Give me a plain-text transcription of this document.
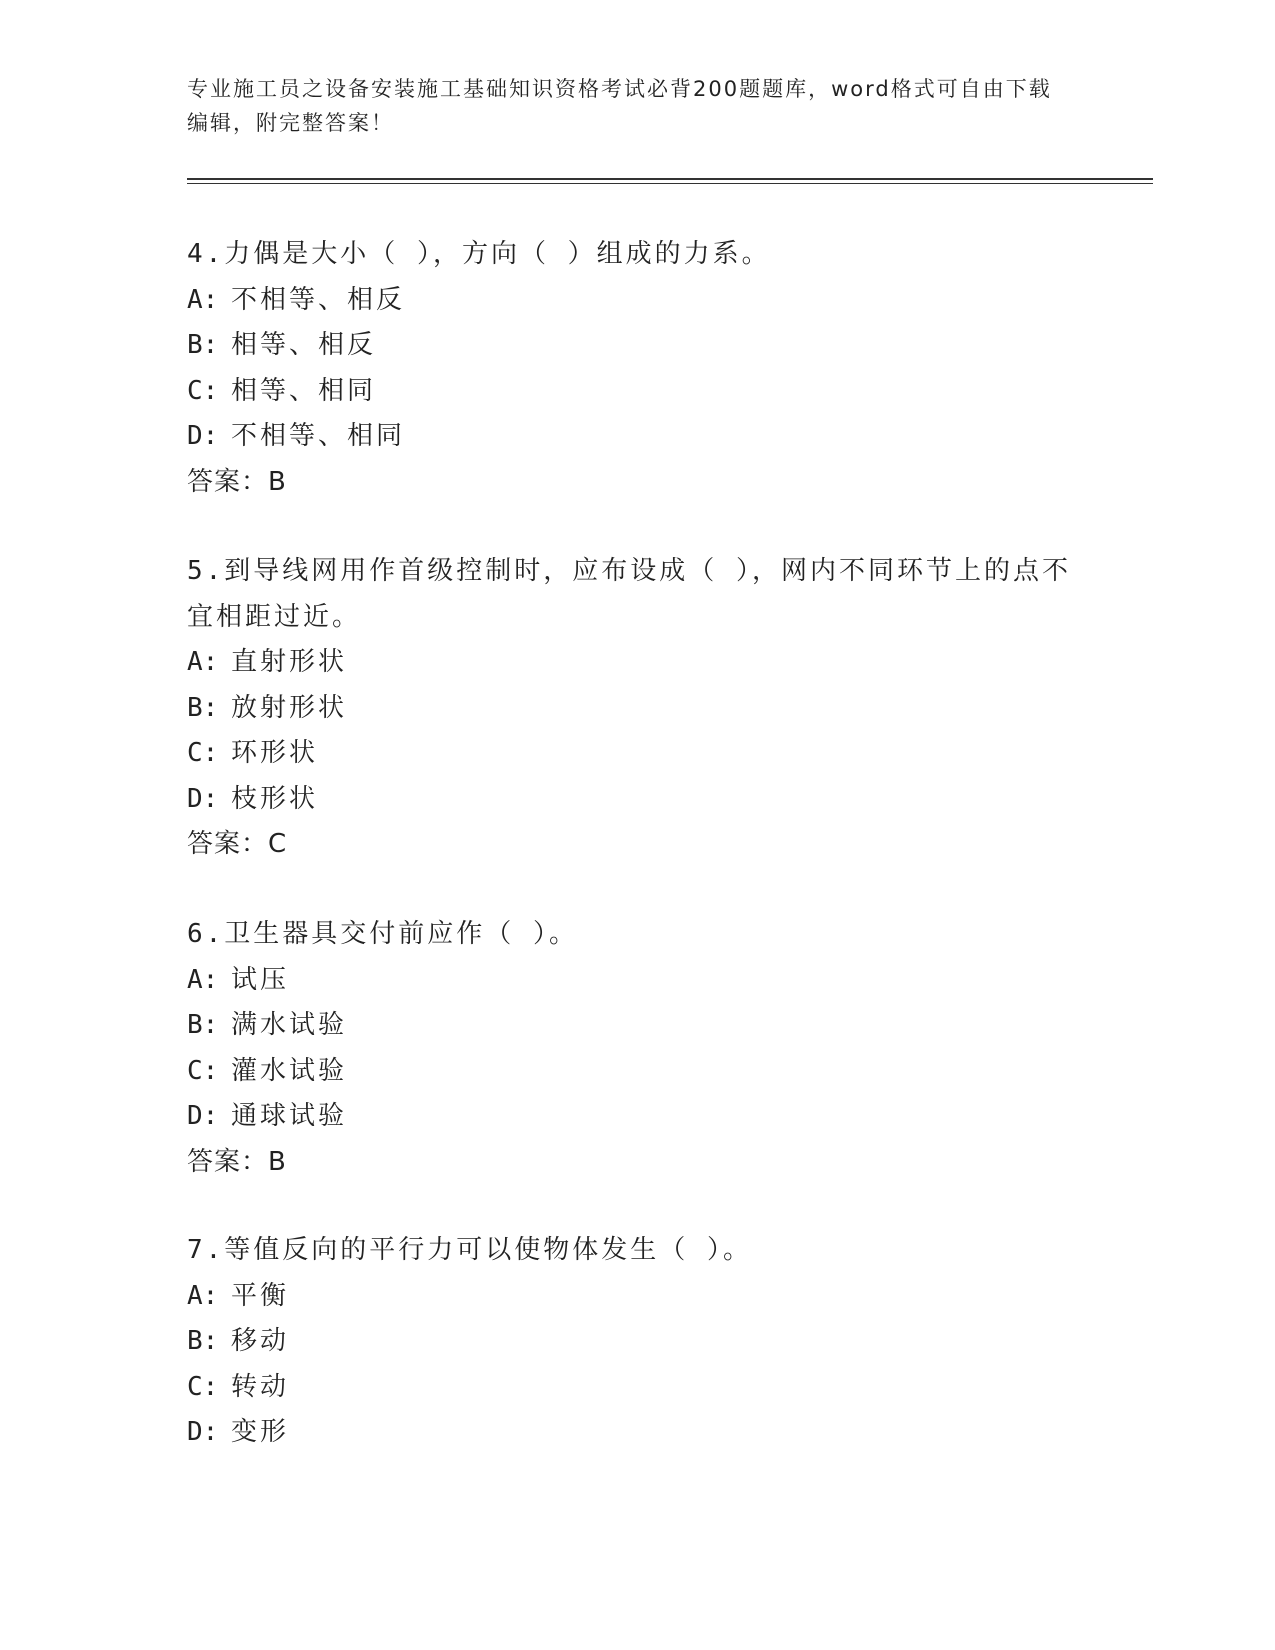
专业施工员之设备安装施工基础知识资格考试必背200题题库，word格式可自由下载编辑，附完整答案！
4.力偶是大小（ ），方向（ ）组成的力系。
A: 不相等、相反
B: 相等、相反
C: 相等、相同
D: 不相等、相同
答案：B
5.到导线网用作首级控制时，应布设成（ ），网内不同环节上的点不宜相距过近。
A: 直射形状
B: 放射形状
C: 环形状
D: 枝形状
答案：C
6.卫生器具交付前应作（ ）。
A: 试压
B: 满水试验
C: 灌水试验
D: 通球试验
答案：B
7.等值反向的平行力可以使物体发生（ ）。
A: 平衡
B: 移动
C: 转动
D: 变形
